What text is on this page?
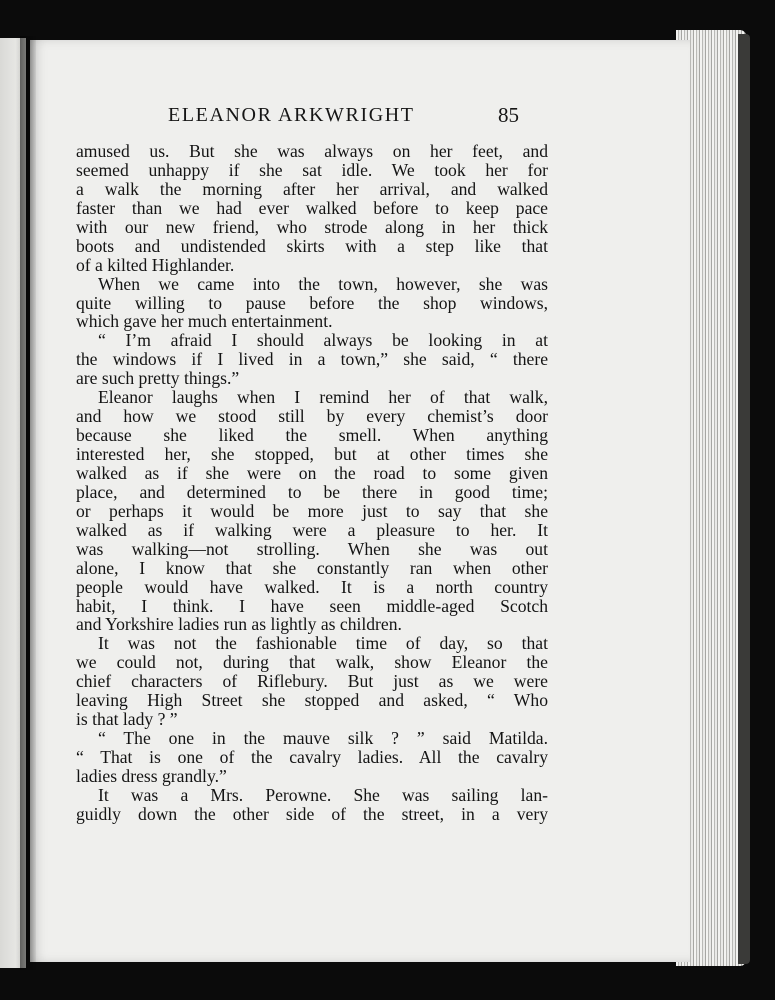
ELEANOR ARKWRIGHT	85
amused us. But she was always on her feet, and
seemed unhappy if she sat idle. We took her for
a walk the morning after her arrival, and walked
faster than we had ever walked before to keep pace
with our new friend, who strode along in her thick
boots and undistended skirts with a step like that
of a kilted Highlander.
When we came into the town, however, she was
quite willing to pause before the shop windows,
which gave her much entertainment.
“ I’m afraid I should always be looking in at
the windows if I lived in a town,” she said, “ there
are such pretty things.”
Eleanor laughs when I remind her of that walk,
and how we stood still by every chemist’s door
because she liked the smell. When anything
interested her, she stopped, but at other times she
walked as if she were on the road to some given
place, and determined to be there in good time;
or perhaps it would be more just to say that she
walked as if walking were a pleasure to her. It
was walking—not strolling. When she was out
alone, I know that she constantly ran when other
people would have walked. It is a north country
habit, I think. I have seen middle-aged Scotch
and Yorkshire ladies run as lightly as children.
It was not the fashionable time of day, so that
we could not, during that walk, show Eleanor the
chief characters of Riflebury. But just as we were
leaving High Street she stopped and asked, “ Who
is that lady ? ”
“ The one in the mauve silk ? ” said Matilda.
“ That is one of the cavalry ladies. All the cavalry
ladies dress grandly.”
It was a Mrs. Perowne. She was sailing lan-
guidly down the other side of the street, in a very
